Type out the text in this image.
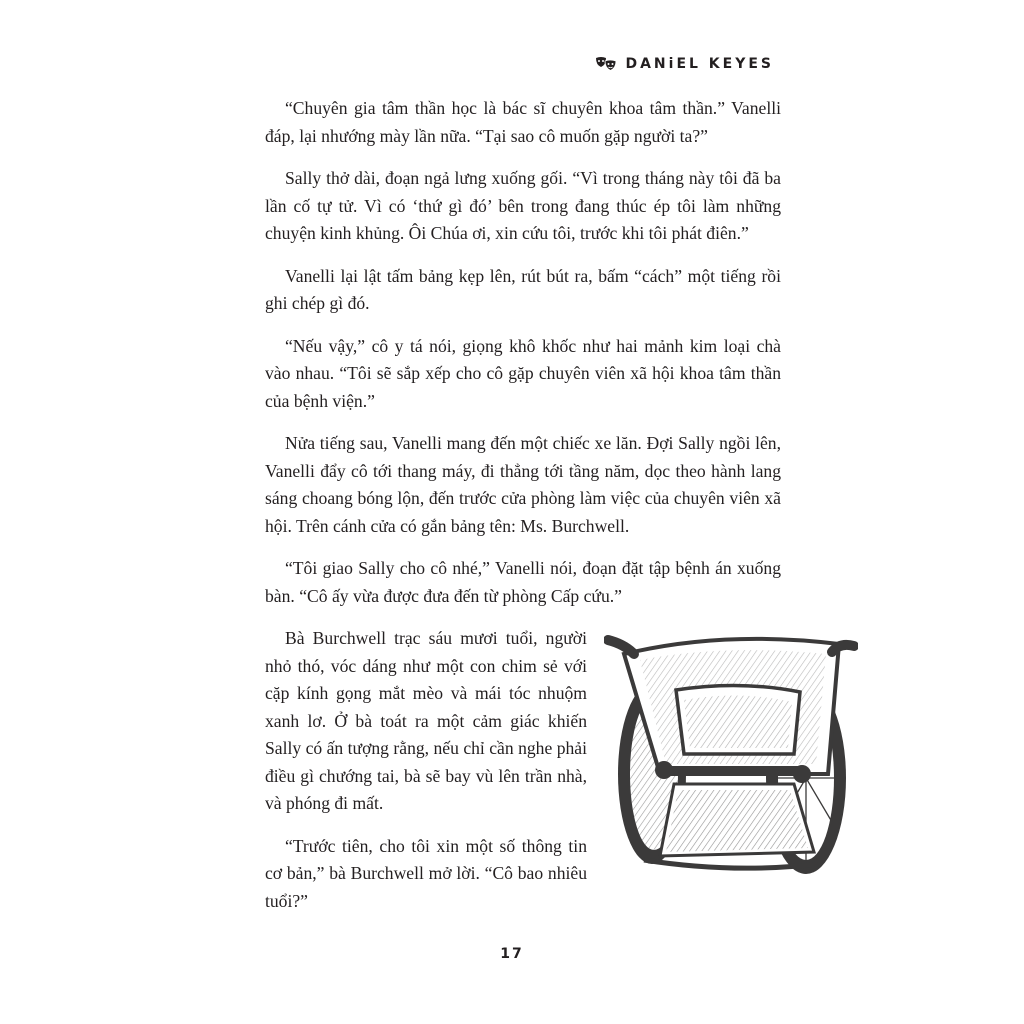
DANiEL KEYES

“Chuyên gia tâm thần học là bác sĩ chuyên khoa tâm thần.” Vanelli đáp, lại nhướng mày lần nữa. “Tại sao cô muốn gặp người ta?”

Sally thở dài, đoạn ngả lưng xuống gối. “Vì trong tháng này tôi đã ba lần cố tự tử. Vì có ‘thứ gì đó’ bên trong đang thúc ép tôi làm những chuyện kinh khủng. Ôi Chúa ơi, xin cứu tôi, trước khi tôi phát điên.”

Vanelli lại lật tấm bảng kẹp lên, rút bút ra, bấm “cách” một tiếng rồi ghi chép gì đó.

“Nếu vậy,” cô y tá nói, giọng khô khốc như hai mảnh kim loại chà vào nhau. “Tôi sẽ sắp xếp cho cô gặp chuyên viên xã hội khoa tâm thần của bệnh viện.”

Nửa tiếng sau, Vanelli mang đến một chiếc xe lăn. Đợi Sally ngồi lên, Vanelli đẩy cô tới thang máy, đi thẳng tới tầng năm, dọc theo hành lang sáng choang bóng lộn, đến trước cửa phòng làm việc của chuyên viên xã hội. Trên cánh cửa có gắn bảng tên: Ms. Burchwell.

“Tôi giao Sally cho cô nhé,” Vanelli nói, đoạn đặt tập bệnh án xuống bàn. “Cô ấy vừa được đưa đến từ phòng Cấp cứu.”

Bà Burchwell trạc sáu mươi tuổi, người nhỏ thó, vóc dáng như một con chim sẻ với cặp kính gọng mắt mèo và mái tóc nhuộm xanh lơ. Ở bà toát ra một cảm giác khiến Sally có ấn tượng rằng, nếu chỉ cần nghe phải điều gì chướng tai, bà sẽ bay vù lên trần nhà, và phóng đi mất.

“Trước tiên, cho tôi xin một số thông tin cơ bản,” bà Burchwell mở lời. “Cô bao nhiêu tuổi?”

17
